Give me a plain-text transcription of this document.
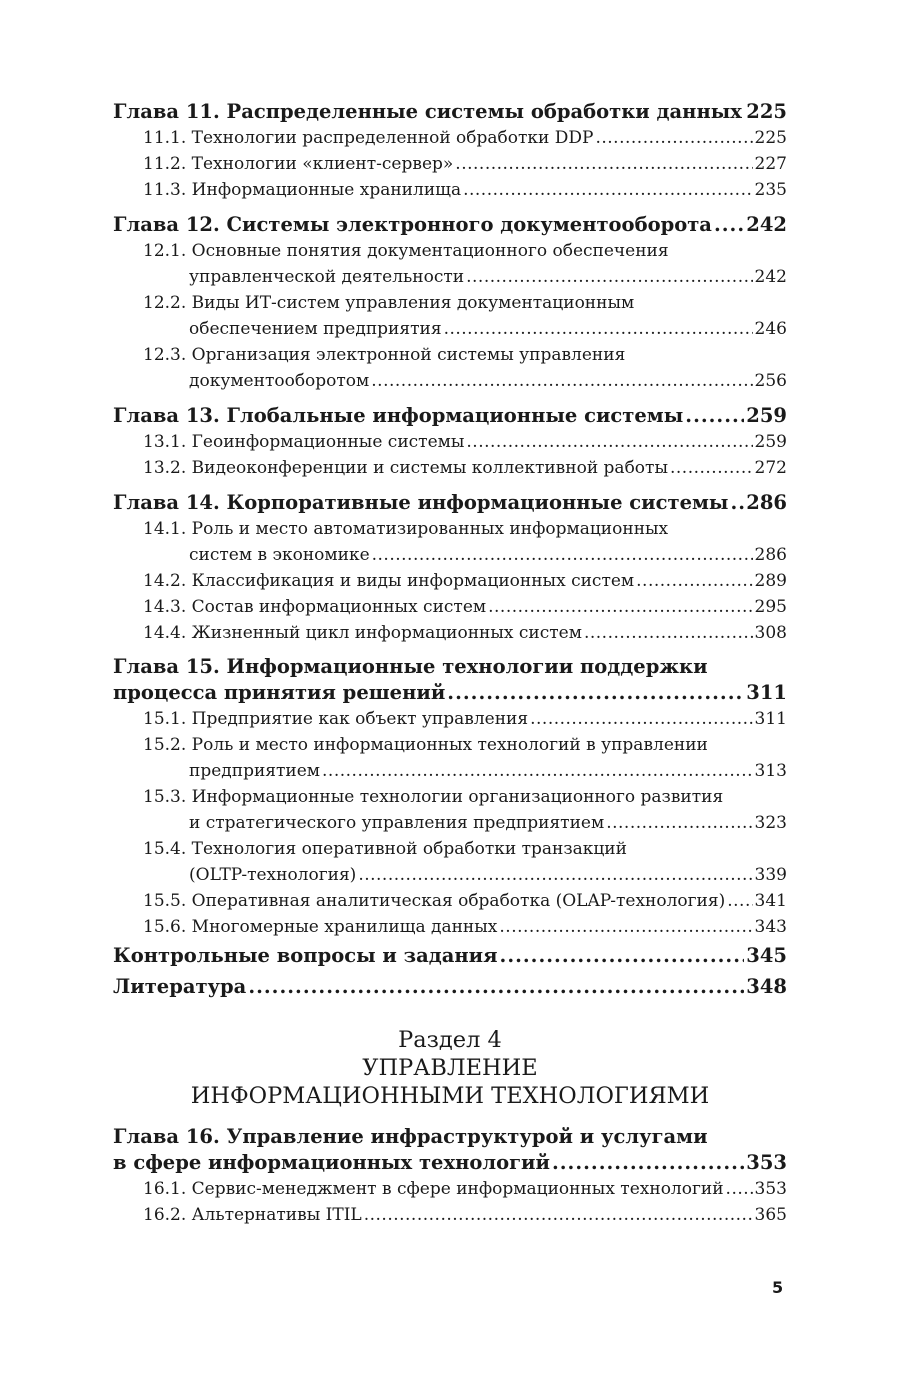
Глава 11. Распределенные системы обработки данных ..... 225
11.1. Технологии распределенной обработки DDP .....	225
11.2. Технологии «клиент-сервер» .....	227
11.3. Информационные хранилища .....	235
Глава 12. Системы электронного документооборота ..... 242
12.1. Основные понятия документационного обеспечения
управленческой деятельности .....	242
12.2. Виды ИТ-систем управления документационным
обеспечением предприятия .....	246
12.3. Организация электронной системы управления
документооборотом .....	256
Глава 13. Глобальные информационные системы .....	259
13.1. Геоинформационные системы .....	259
13.2. Видеоконференции и системы коллективной работы .....	272
Глава 14. Корпоративные информационные системы ..... 286
14.1. Роль и место автоматизированных информационных
систем в экономике .....	286
14.2. Классификация и виды информационных систем .....	289
14.3. Состав информационных систем .....	295
14.4. Жизненный цикл информационных систем .....	308
Глава 15. Информационные технологии поддержки
процесса принятия решений .....	311
15.1. Предприятие как объект управления .....	311
15.2. Роль и место информационных технологий в управлении
предприятием .....	313
15.3. Информационные технологии организационного развития
и стратегического управления предприятием .....	323
15.4. Технология оперативной обработки транзакций
(OLTP-технология) .....	339
15.5. Оперативная аналитическая обработка (OLAP-технология) ..... 341
15.6. Многомерные хранилища данных .....	343
Контрольные вопросы и задания .....	345
Литература .....	348
Раздел 4
УПРАВЛЕНИЕ
ИНФОРМАЦИОННЫМИ ТЕХНОЛОГИЯМИ
Глава 16. Управление инфраструктурой и услугами
в сфере информационных технологий .....	353
16.1. Сервис-менеджмент в сфере информационных технологий ..... 353
16.2. Альтернативы ITIL .....	365
5
